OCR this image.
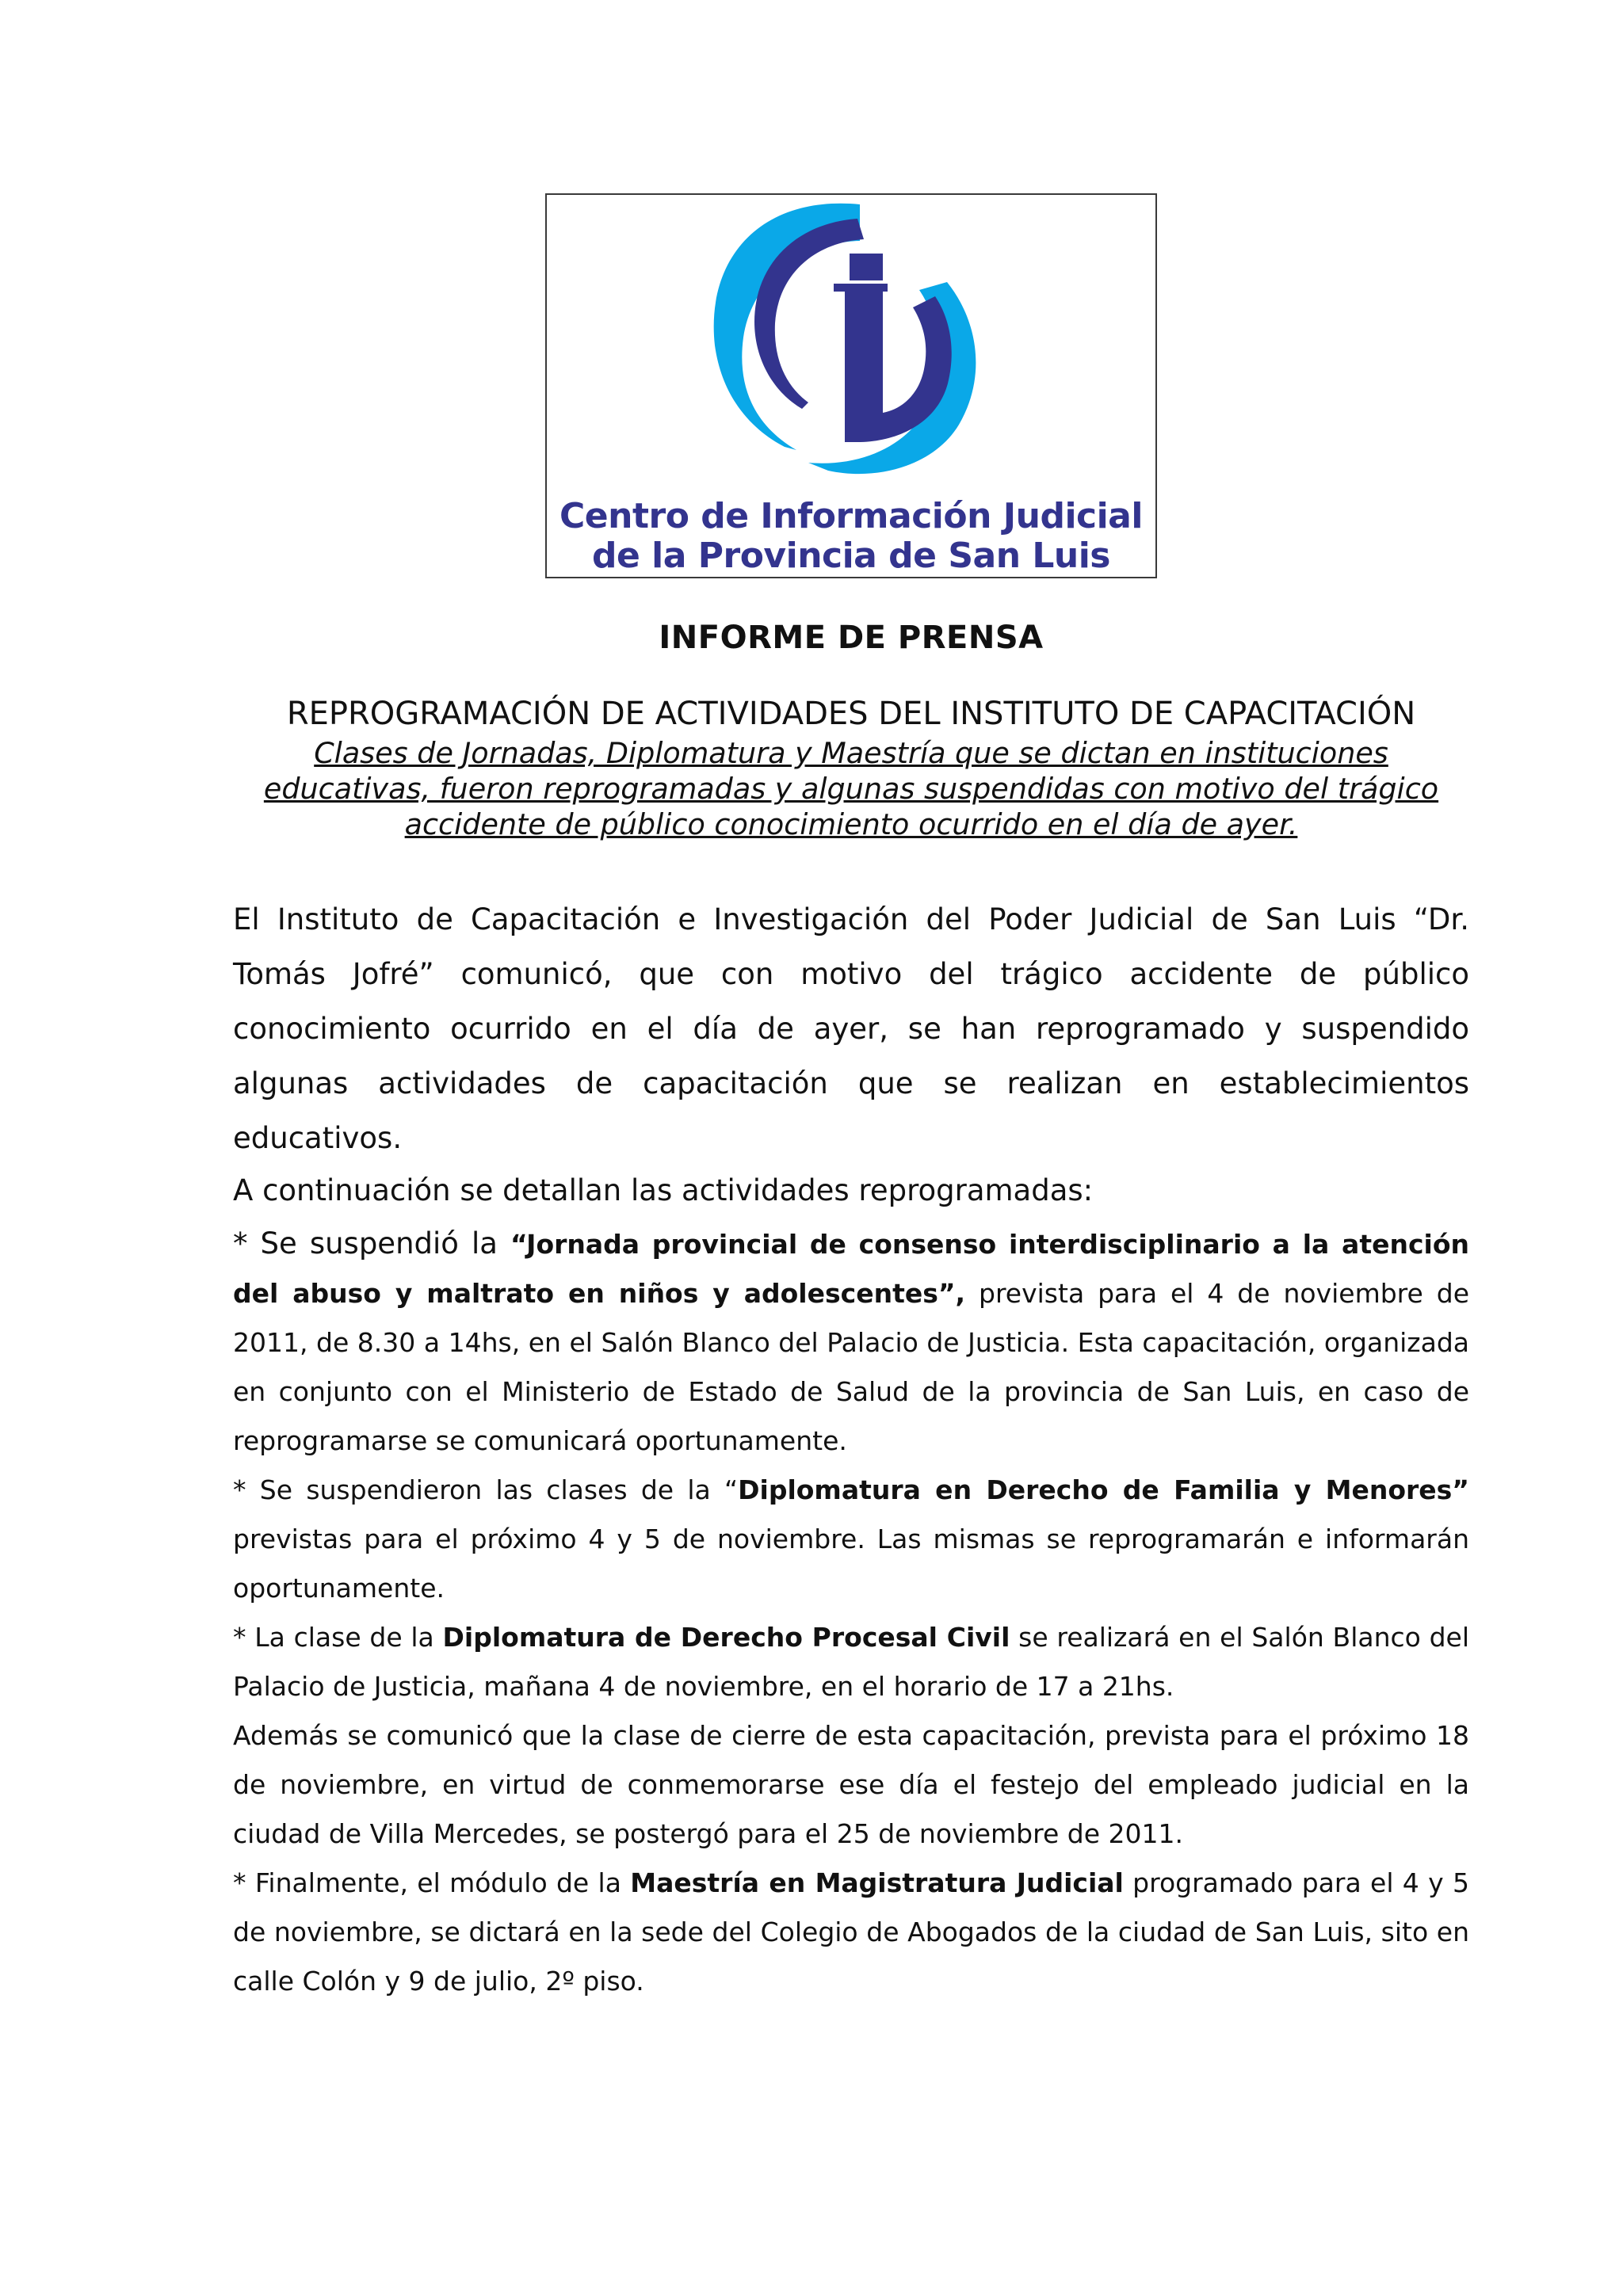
Centro de Información Judicial
de la Provincia de San Luis
INFORME DE PRENSA
REPROGRAMACIÓN DE ACTIVIDADES DEL INSTITUTO DE CAPACITACIÓN
Clases de Jornadas, Diplomatura y Maestría que se dictan en instituciones educativas, fueron reprogramadas y algunas suspendidas con motivo del trágico accidente de público conocimiento ocurrido en el día de ayer.

El Instituto de Capacitación e Investigación del Poder Judicial de San Luis “Dr. Tomás Jofré” comunicó, que con motivo del trágico accidente de público conocimiento ocurrido en el día de ayer, se han reprogramado y suspendido algunas actividades de capacitación que se realizan en establecimientos educativos.

A continuación se detallan las actividades reprogramadas:

* Se suspendió la “Jornada provincial de consenso interdisciplinario a la atención del abuso y maltrato en niños y adolescentes”, prevista para el 4 de noviembre de 2011, de 8.30 a 14hs, en el Salón Blanco del Palacio de Justicia. Esta capacitación, organizada en conjunto con el Ministerio de Estado de Salud de la provincia de San Luis, en caso de reprogramarse se comunicará oportunamente.

* Se suspendieron las clases de la “Diplomatura en Derecho de Familia y Menores” previstas para el próximo 4 y 5 de noviembre. Las mismas se reprogramarán e informarán oportunamente.

* La clase de la Diplomatura de Derecho Procesal Civil se realizará en el Salón Blanco del Palacio de Justicia, mañana 4 de noviembre, en el horario de 17 a 21hs.

Además se comunicó que la clase de cierre de esta capacitación, prevista para el próximo 18 de noviembre, en virtud de conmemorarse ese día el festejo del empleado judicial en la ciudad de Villa Mercedes, se postergó para el 25 de noviembre de 2011.

* Finalmente, el módulo de la Maestría en Magistratura Judicial programado para el 4 y 5 de noviembre, se dictará en la sede del Colegio de Abogados de la ciudad de San Luis, sito en calle Colón y 9 de julio, 2º piso.
